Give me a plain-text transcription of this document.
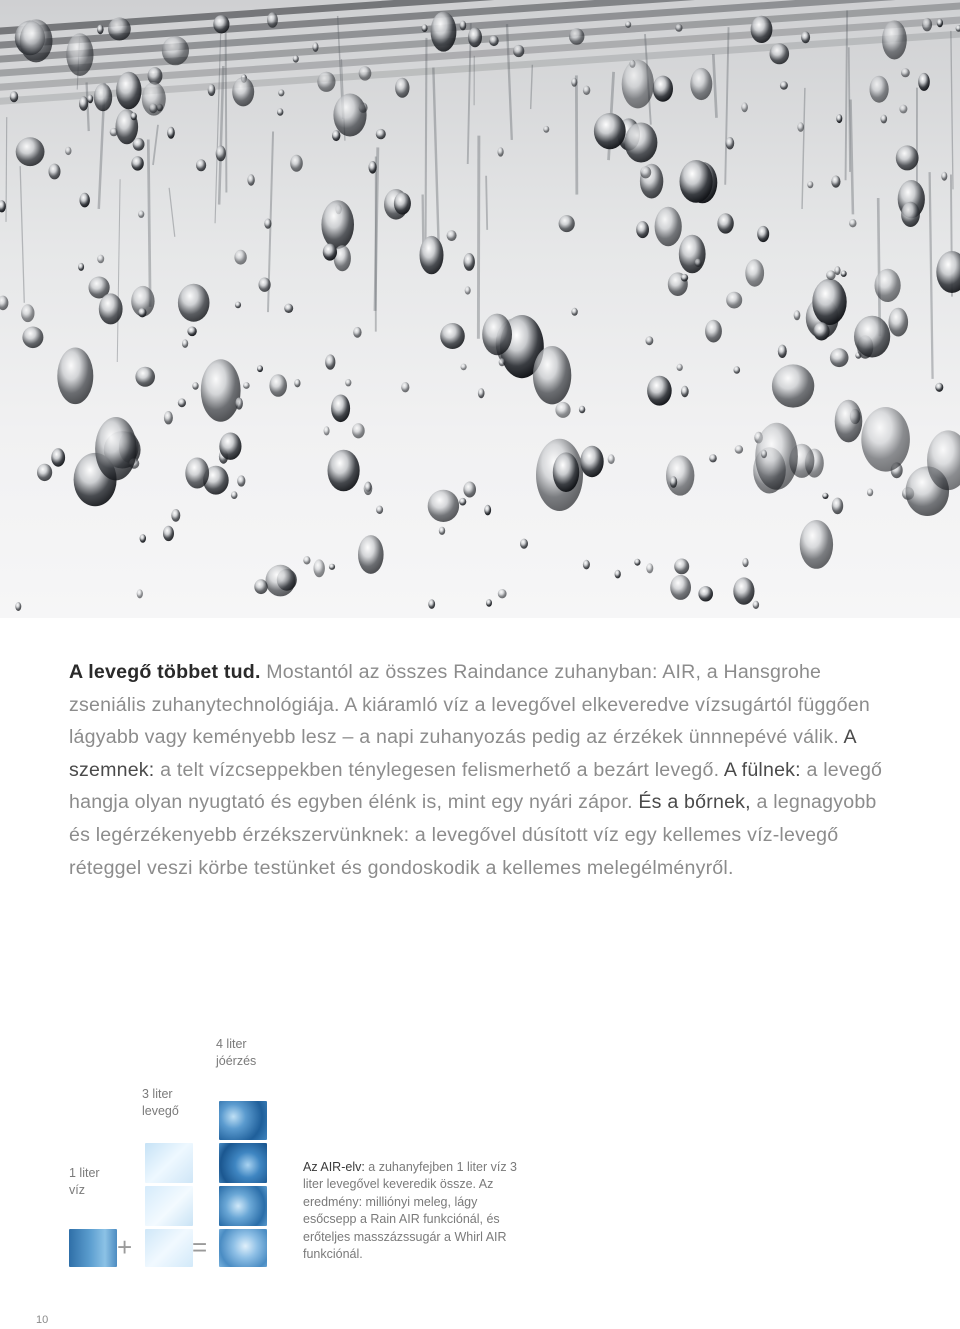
A levegő többet tud. Mostantól az összes Raindance zuhanyban: AIR, a Hansgrohe zseniális zuhanytechnológiája. A kiáramló víz a levegővel elkeveredve vízsugártól függően lágyabb vagy keményebb lesz – a napi zuhanyozás pedig az érzékek ünnnepévé válik. A szemnek: a telt vízcseppekben ténylegesen felismerhető a bezárt levegő. A fülnek: a levegő hangja olyan nyugtató és egyben élénk is, mint egy nyári zápor. És a bőrnek, a legnagyobb és legérzékenyebb érzékszervünknek: a levegővel dúsított víz egy kellemes víz-levegő réteggel veszi körbe testünket és gondoskodik a kellemes melegélményről.
4 liter
jóérzés
3 liter
levegő
1 liter
víz
+ =
Az AIR-elv: a zuhanyfejben 1 liter víz 3 liter levegővel keveredik össze. Az eredmény: milliónyi meleg, lágy esőcsepp a Rain AIR funkciónál, és erőteljes masszázssugár a Whirl AIR funkciónál.
10
